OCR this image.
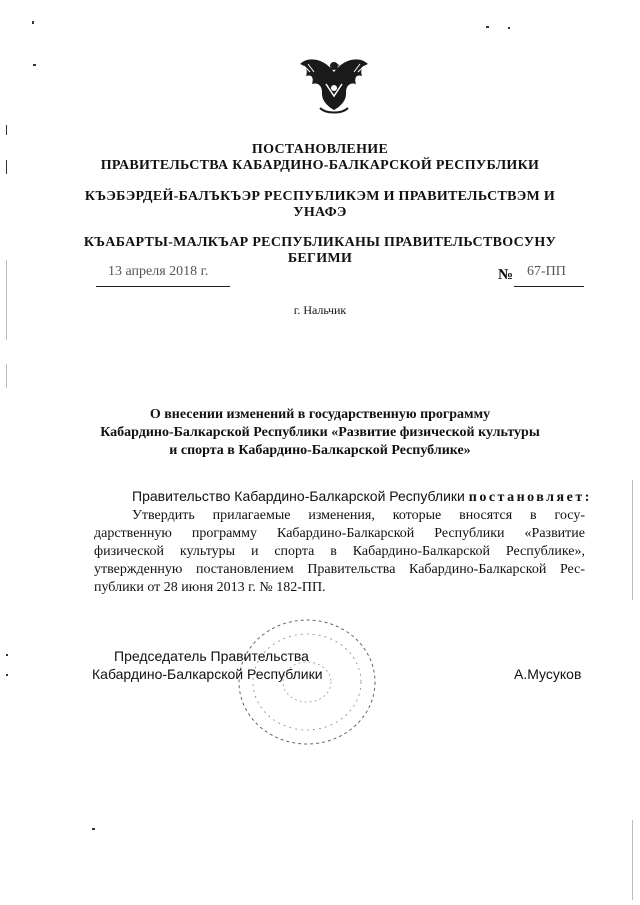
ПОСТАНОВЛЕНИЕ
ПРАВИТЕЛЬСТВА КАБАРДИНО-БАЛКАРСКОЙ РЕСПУБЛИКИ
КЪЭБЭРДЕЙ-БАЛЪКЪЭР РЕСПУБЛИКЭМ И ПРАВИТЕЛЬСТВЭМ И
УНАФЭ
КЪАБАРТЫ-МАЛКЪАР РЕСПУБЛИКАНЫ ПРАВИТЕЛЬСТВОСУНУ
БЕГИМИ
13 апреля 2018 г.	№ 67-ПП
г. Нальчик
О внесении изменений в государственную программу
Кабардино-Балкарской Республики «Развитие физической культуры
и спорта в Кабардино-Балкарской Республике»
Правительство Кабардино-Балкарской Республики постановляет:
Утвердить прилагаемые изменения, которые вносятся в госу-
дарственную программу Кабардино-Балкарской Республики «Развитие
физической культуры и спорта в Кабардино-Балкарской Республике»,
утвержденную постановлением Правительства Кабардино-Балкарской Рес-
публики от 28 июня 2013 г. № 182-ПП.
Председатель Правительства
Кабардино-Балкарской Республики	А.Мусуков
